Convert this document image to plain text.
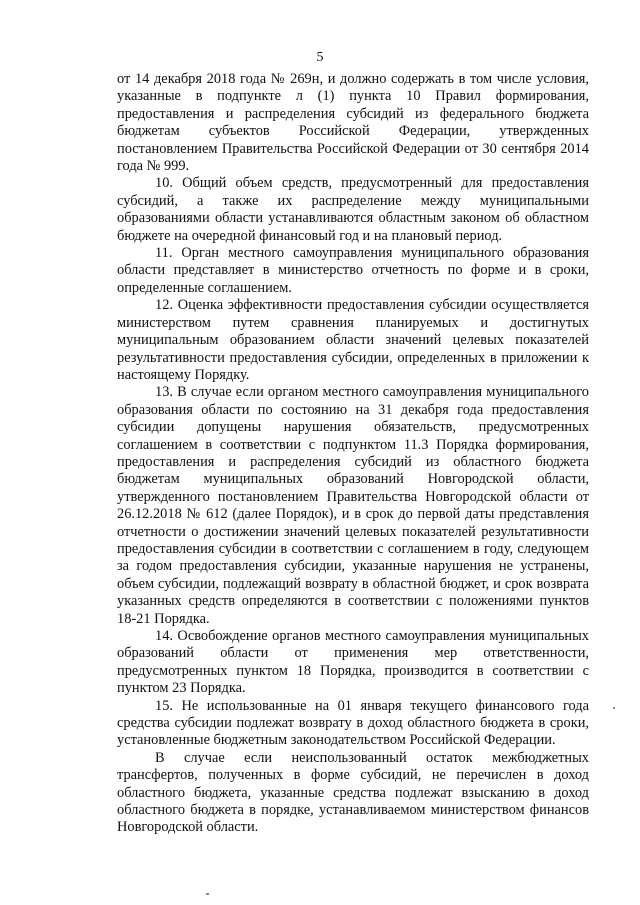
5

от 14 декабря 2018 года № 269н, и должно содержать в том числе условия, указанные в подпункте л (1) пункта 10 Правил формирования, предоставления и распределения субсидий из федерального бюджета бюджетам субъектов Российской Федерации, утвержденных постановлением Правительства Российской Федерации от 30 сентября 2014 года № 999.

10. Общий объем средств, предусмотренный для предоставления субсидий, а также их распределение между муниципальными образованиями области устанавливаются областным законом об областном бюджете на очередной финансовый год и на плановый период.

11. Орган местного самоуправления муниципального образования области представляет в министерство отчетность по форме и в сроки, определенные соглашением.

12. Оценка эффективности предоставления субсидии осуществляется министерством путем сравнения планируемых и достигнутых муниципальным образованием области значений целевых показателей результативности предоставления субсидии, определенных в приложении к настоящему Порядку.

13. В случае если органом местного самоуправления муниципального образования области по состоянию на 31 декабря года предоставления субсидии допущены нарушения обязательств, предусмотренных соглашением в соответствии с подпунктом 11.3 Порядка формирования, предоставления и распределения субсидий из областного бюджета бюджетам муниципальных образований Новгородской области, утвержденного постановлением Правительства Новгородской области от 26.12.2018 № 612 (далее Порядок), и в срок до первой даты представления отчетности о достижении значений целевых показателей результативности предоставления субсидии в соответствии с соглашением в году, следующем за годом предоставления субсидии, указанные нарушения не устранены, объем субсидии, подлежащий возврату в областной бюджет, и срок возврата указанных средств определяются в соответствии с положениями пунктов 18-21 Порядка.

14. Освобождение органов местного самоуправления муниципальных образований области от применения мер ответственности, предусмотренных пунктом 18 Порядка, производится в соответствии с пунктом 23 Порядка.

15. Не использованные на 01 января текущего финансового года средства субсидии подлежат возврату в доход областного бюджета в сроки, установленные бюджетным законодательством Российской Федерации.

В случае если неиспользованный остаток межбюджетных трансфертов, полученных в форме субсидий, не перечислен в доход областного бюджета, указанные средства подлежат взысканию в доход областного бюджета в порядке, устанавливаемом министерством финансов Новгородской области.
